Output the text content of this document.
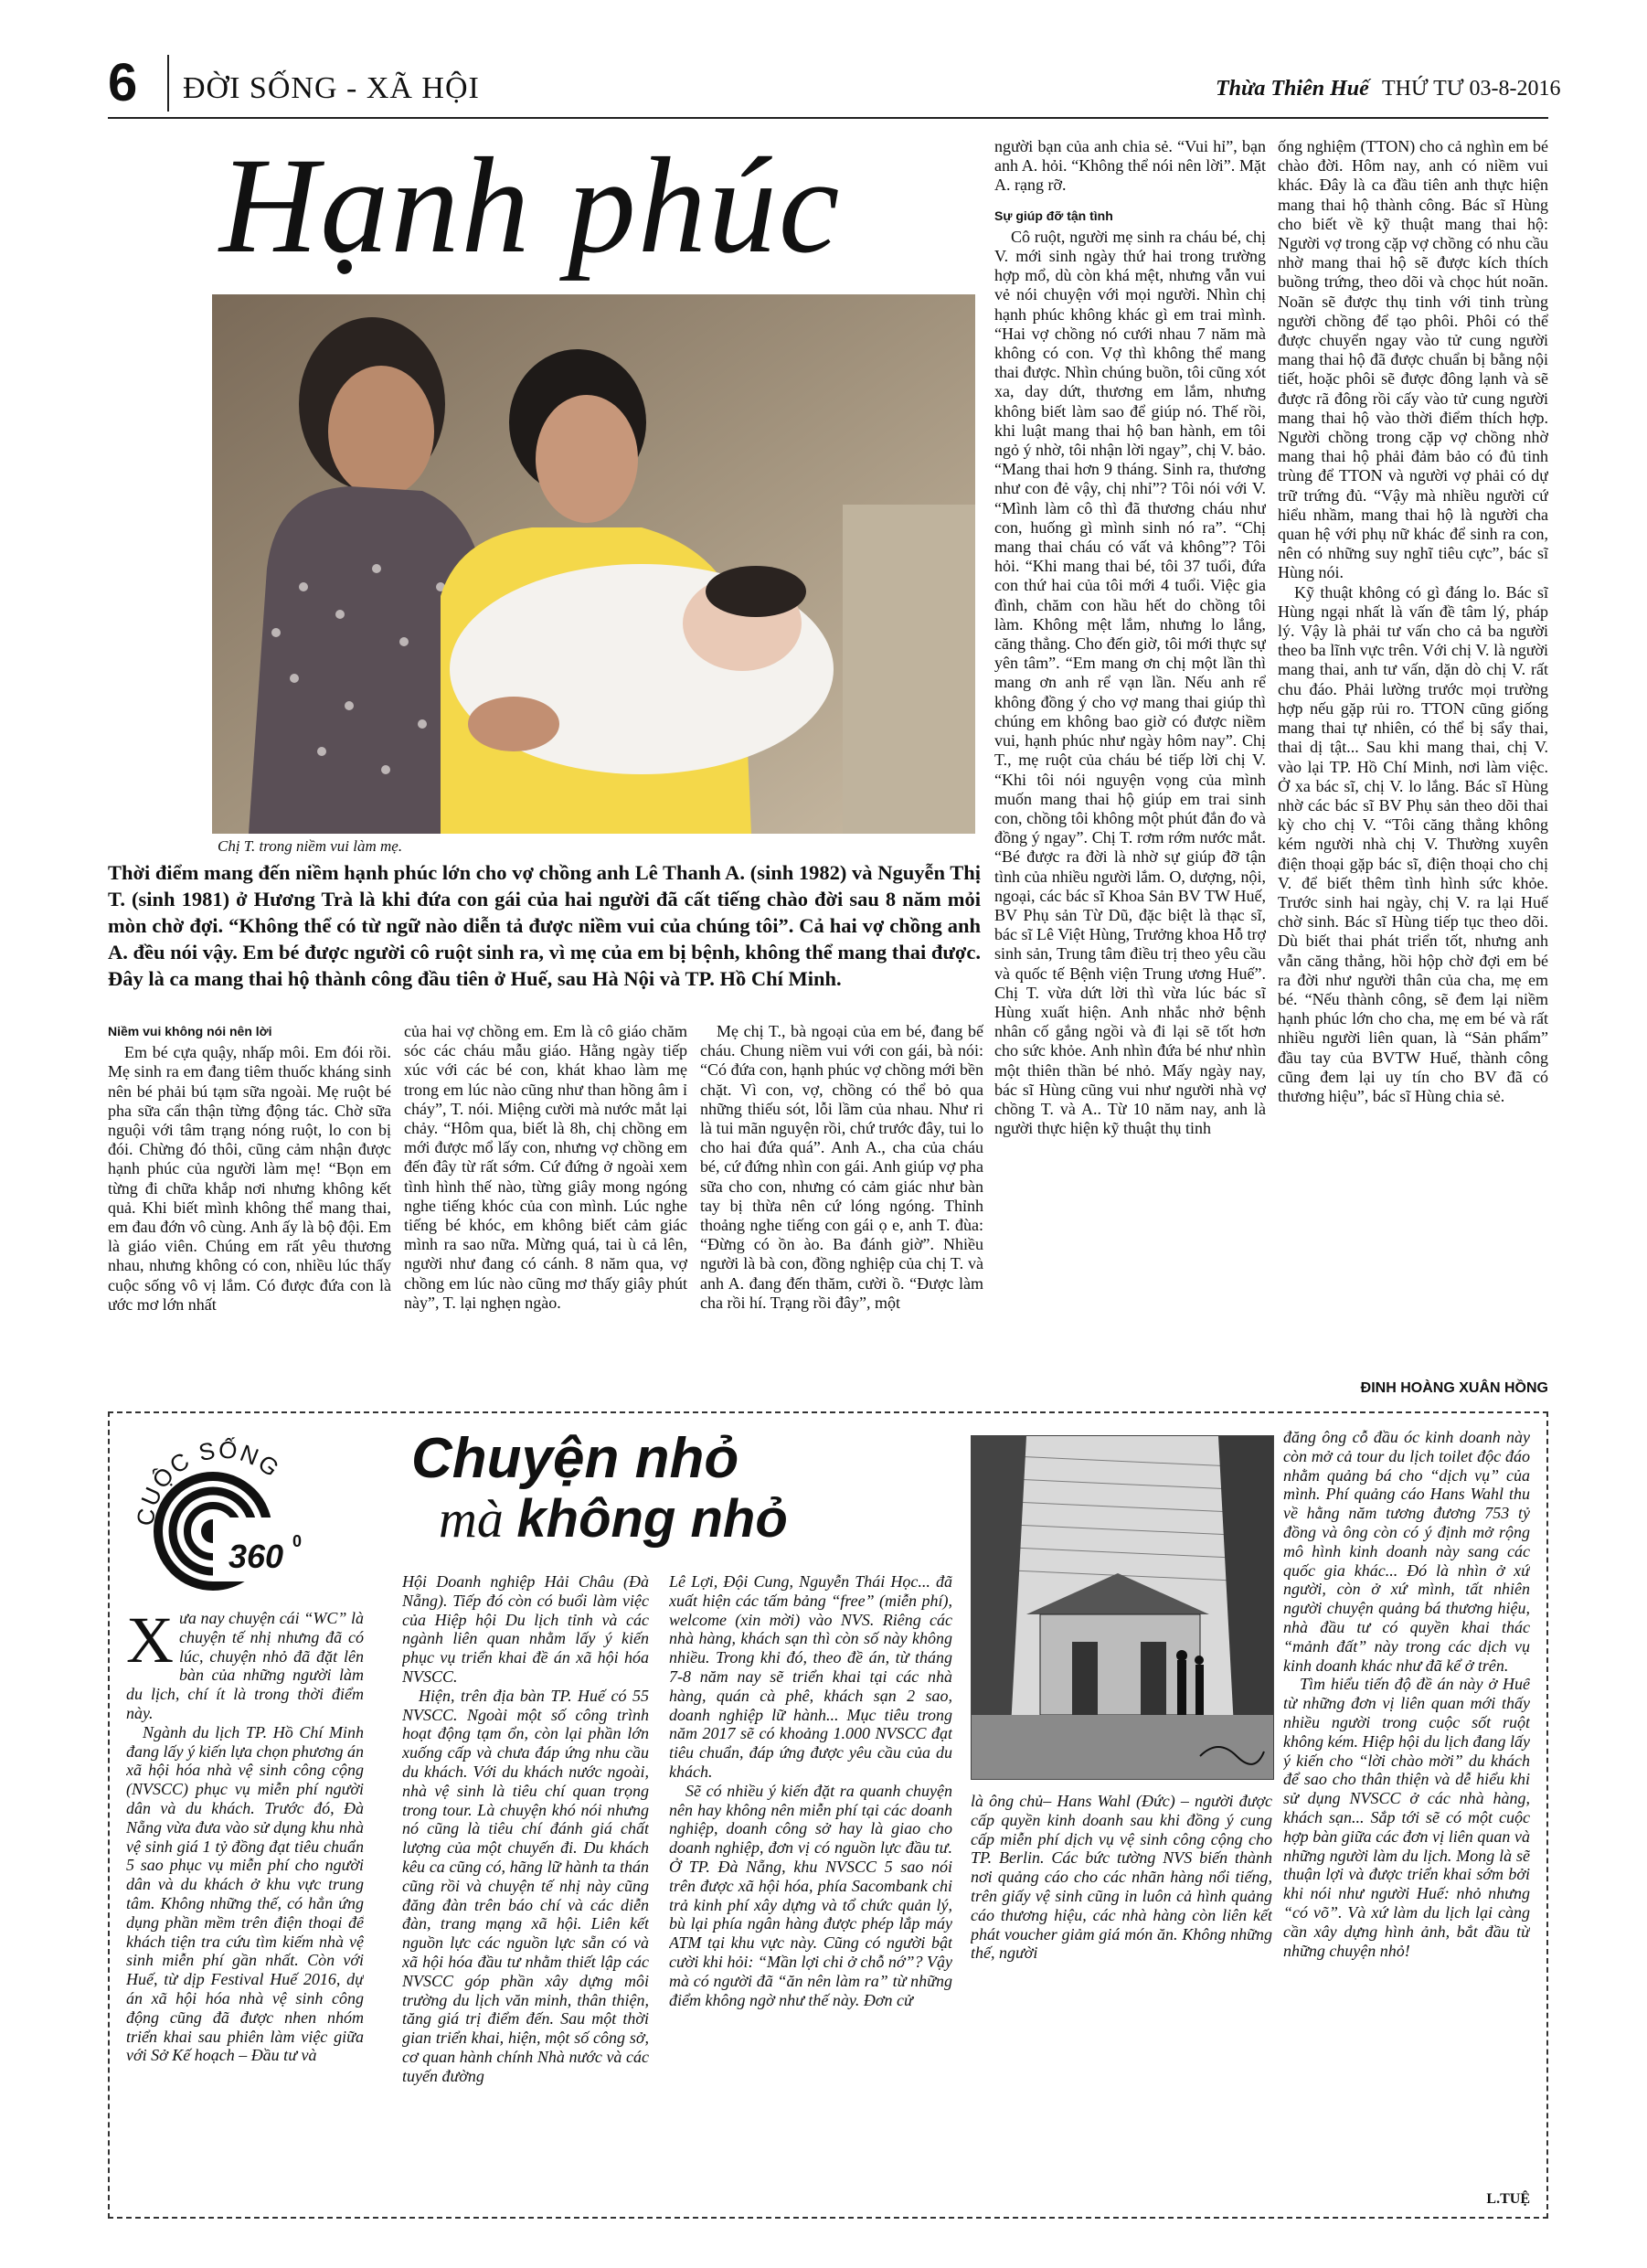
6 ĐỜI SỐNG - XÃ HỘI	Thừa Thiên Huế THỨ TƯ 03-8-2016
Hạnh phúc
Chị T. trong niềm vui làm mẹ.
Thời điểm mang đến niềm hạnh phúc lớn cho vợ chồng anh Lê Thanh A. (sinh 1982) và Nguyễn Thị T. (sinh 1981) ở Hương Trà là khi đứa con gái của hai người đã cất tiếng chào đời sau 8 năm mỏi mòn chờ đợi. “Không thể có từ ngữ nào diễn tả được niềm vui của chúng tôi”. Cả hai vợ chồng anh A. đều nói vậy. Em bé được người cô ruột sinh ra, vì mẹ của em bị bệnh, không thể mang thai được. Đây là ca mang thai hộ thành công đầu tiên ở Huế, sau Hà Nội và TP. Hồ Chí Minh.
Niềm vui không nói nên lời

Em bé cựa quậy, nhấp môi. Em đói rồi. Mẹ sinh ra em đang tiêm thuốc kháng sinh nên bé phải bú tạm sữa ngoài. Mẹ ruột bé pha sữa cẩn thận từng động tác. Chờ sữa nguội với tâm trạng nóng ruột, lo con bị đói. Chừng đó thôi, cũng cảm nhận được hạnh phúc của người làm mẹ! “Bọn em từng đi chữa khắp nơi nhưng không kết quả. Khi biết mình không thể mang thai, em đau đớn vô cùng. Anh ấy là bộ đội. Em là giáo viên. Chúng em rất yêu thương nhau, nhưng không có con, nhiều lúc thấy cuộc sống vô vị lắm. Có được đứa con là ước mơ lớn nhất

của hai vợ chồng em. Em là cô giáo chăm sóc các cháu mẫu giáo. Hằng ngày tiếp xúc với các bé con, khát khao làm mẹ trong em lúc nào cũng như than hồng âm ỉ cháy”, T. nói. Miệng cười mà nước mắt lại chảy. “Hôm qua, biết là 8h, chị chồng em mới được mổ lấy con, nhưng vợ chồng em đến đây từ rất sớm. Cứ đứng ở ngoài xem tình hình thế nào, từng giây mong ngóng nghe tiếng khóc của con mình. Lúc nghe tiếng bé khóc, em không biết cảm giác mình ra sao nữa. Mừng quá, tai ù cả lên, người như đang có cánh. 8 năm qua, vợ chồng em lúc nào cũng mơ thấy giây phút này”, T. lại nghẹn ngào.

Mẹ chị T., bà ngoại của em bé, đang bế cháu. Chung niềm vui với con gái, bà nói: “Có đứa con, hạnh phúc vợ chồng mới bền chặt. Vì con, vợ, chồng có thể bỏ qua những thiếu sót, lỗi lầm của nhau. Như ri là tui mãn nguyện rồi, chứ trước đây, tui lo cho hai đứa quá”. Anh A., cha của cháu bé, cứ đứng nhìn con gái. Anh giúp vợ pha sữa cho con, nhưng có cảm giác như bàn tay bị thừa nên cứ lóng ngóng. Thỉnh thoảng nghe tiếng con gái ọ e, anh T. đùa: “Đừng có ồn ào. Ba đánh giờ”. Nhiều người là bà con, đồng nghiệp của chị T. và anh A. đang đến thăm, cười ồ. “Được làm cha rồi hí. Trạng rồi đây”, một

người bạn của anh chia sẻ. “Vui hỉ”, bạn anh A. hỏi. “Không thể nói nên lời”. Mặt A. rạng rỡ.

Sự giúp đỡ tận tình

Cô ruột, người mẹ sinh ra cháu bé, chị V. mới sinh ngày thứ hai trong trường hợp mổ, dù còn khá mệt, nhưng vẫn vui vẻ nói chuyện với mọi người. Nhìn chị hạnh phúc không khác gì em trai mình. “Hai vợ chồng nó cưới nhau 7 năm mà không có con. Vợ thì không thể mang thai được. Nhìn chúng buồn, tôi cũng xót xa, day dứt, thương em lắm, nhưng không biết làm sao để giúp nó. Thế rồi, khi luật mang thai hộ ban hành, em tôi ngỏ ý nhờ, tôi nhận lời ngay”, chị V. bảo. “Mang thai hơn 9 tháng. Sinh ra, thương như con đẻ vậy, chị nhỉ”? Tôi nói với V. “Mình làm cô thì đã thương cháu như con, huống gì mình sinh nó ra”. “Chị mang thai cháu có vất vả không”? Tôi hỏi. “Khi mang thai bé, tôi 37 tuổi, đứa con thứ hai của tôi mới 4 tuổi. Việc gia đình, chăm con hầu hết do chồng tôi làm. Không mệt lắm, nhưng lo lắng, căng thẳng. Cho đến giờ, tôi mới thực sự yên tâm”. “Em mang ơn chị một lần thì mang ơn anh rể vạn lần. Nếu anh rể không đồng ý cho vợ mang thai giúp thì chúng em không bao giờ có được niềm vui, hạnh phúc như ngày hôm nay”. Chị T., mẹ ruột của cháu bé tiếp lời chị V. “Khi tôi nói nguyện vọng của mình muốn mang thai hộ giúp em trai sinh con, chồng tôi không một phút đắn đo và đồng ý ngay”. Chị T. rơm rớm nước mắt. “Bé được ra đời là nhờ sự giúp đỡ tận tình của nhiều người lắm. O, dượng, nội, ngoại, các bác sĩ Khoa Sản BV TW Huế, BV Phụ sản Từ Dũ, đặc biệt là thạc sĩ, bác sĩ Lê Việt Hùng, Trưởng khoa Hỗ trợ sinh sản, Trung tâm điều trị theo yêu cầu và quốc tế Bệnh viện Trung ương Huế”. Chị T. vừa dứt lời thì vừa lúc bác sĩ Hùng xuất hiện. Anh nhắc nhở bệnh nhân cố gắng ngồi và đi lại sẽ tốt hơn cho sức khỏe. Anh nhìn đứa bé như nhìn một thiên thần bé nhỏ. Mấy ngày nay, bác sĩ Hùng cũng vui như người nhà vợ chồng T. và A.. Từ 10 năm nay, anh là người thực hiện kỹ thuật thụ tinh

ống nghiệm (TTON) cho cả nghìn em bé chào đời. Hôm nay, anh có niềm vui khác. Đây là ca đầu tiên anh thực hiện mang thai hộ thành công. Bác sĩ Hùng cho biết về kỹ thuật mang thai hộ: Người vợ trong cặp vợ chồng có nhu cầu nhờ mang thai hộ sẽ được kích thích buồng trứng, theo dõi và chọc hút noãn. Noãn sẽ được thụ tinh với tinh trùng người chồng để tạo phôi. Phôi có thể được chuyển ngay vào tử cung người mang thai hộ đã được chuẩn bị bằng nội tiết, hoặc phôi sẽ được đông lạnh và sẽ được rã đông rồi cấy vào tử cung người mang thai hộ vào thời điểm thích hợp. Người chồng trong cặp vợ chồng nhờ mang thai hộ phải đảm bảo có đủ tinh trùng để TTON và người vợ phải có dự trữ trứng đủ. “Vậy mà nhiều người cứ hiểu nhầm, mang thai hộ là người cha quan hệ với phụ nữ khác để sinh ra con, nên có những suy nghĩ tiêu cực”, bác sĩ Hùng nói.

Kỹ thuật không có gì đáng lo. Bác sĩ Hùng ngại nhất là vấn đề tâm lý, pháp lý. Vậy là phải tư vấn cho cả ba người theo ba lĩnh vực trên. Với chị V. là người mang thai, anh tư vấn, dặn dò chị V. rất chu đáo. Phải lường trước mọi trường hợp nếu gặp rủi ro. TTON cũng giống mang thai tự nhiên, có thể bị sẩy thai, thai dị tật... Sau khi mang thai, chị V. vào lại TP. Hồ Chí Minh, nơi làm việc. Ở xa bác sĩ, chị V. lo lắng. Bác sĩ Hùng nhờ các bác sĩ BV Phụ sản theo dõi thai kỳ cho chị V. “Tôi căng thẳng không kém người nhà chị V. Thường xuyên điện thoại gặp bác sĩ, điện thoại cho chị V. để biết thêm tình hình sức khỏe. Trước sinh hai ngày, chị V. ra lại Huế chờ sinh. Bác sĩ Hùng tiếp tục theo dõi. Dù biết thai phát triển tốt, nhưng anh vẫn căng thẳng, hồi hộp chờ đợi em bé ra đời như người thân của cha, mẹ em bé. “Nếu thành công, sẽ đem lại niềm hạnh phúc lớn cho cha, mẹ em bé và rất nhiều người liên quan, là “Sản phẩm” đầu tay của BVTW Huế, thành công cũng đem lại uy tín cho BV đã có thương hiệu”, bác sĩ Hùng chia sẻ.

ĐINH HOÀNG XUÂN HỒNG
CUỘC SỐNG
360 0
Chuyện nhỏ
mà không nhỏ

Xưa nay chuyện cái “WC” là chuyện tế nhị nhưng đã có lúc, chuyện nhỏ đã đặt lên bàn của những người làm du lịch, chí ít là trong thời điểm này.

Ngành du lịch TP. Hồ Chí Minh đang lấy ý kiến lựa chọn phương án xã hội hóa nhà vệ sinh công cộng (NVSCC) phục vụ miễn phí người dân và du khách. Trước đó, Đà Nẵng vừa đưa vào sử dụng khu nhà vệ sinh giá 1 tỷ đồng đạt tiêu chuẩn 5 sao phục vụ miễn phí cho người dân và du khách ở khu vực trung tâm. Không những thế, có hẳn ứng dụng phần mềm trên điện thoại để khách tiện tra cứu tìm kiếm nhà vệ sinh miễn phí gần nhất. Còn với Huế, từ dịp Festival Huế 2016, dự án xã hội hóa nhà vệ sinh công động cũng đã được nhen nhóm triển khai sau phiên làm việc giữa với Sở Kế hoạch – Đầu tư và

Hội Doanh nghiệp Hải Châu (Đà Nẵng). Tiếp đó còn có buổi làm việc của Hiệp hội Du lịch tỉnh và các ngành liên quan nhằm lấy ý kiến phục vụ triển khai đề án xã hội hóa NVSCC.

Hiện, trên địa bàn TP. Huế có 55 NVSCC. Ngoài một số công trình hoạt động tạm ổn, còn lại phần lớn xuống cấp và chưa đáp ứng nhu cầu du khách. Với du khách nước ngoài, nhà vệ sinh là tiêu chí quan trọng trong tour. Là chuyện khó nói nhưng nó cũng là tiêu chí đánh giá chất lượng của một chuyến đi. Du khách kêu ca cũng có, hãng lữ hành ta thán cũng rồi và chuyện tế nhị này cũng đăng đàn trên báo chí và các diễn đàn, trang mạng xã hội. Liên kết nguồn lực các nguồn lực sẵn có và xã hội hóa đầu tư nhằm thiết lập các NVSCC góp phần xây dựng môi trường du lịch văn minh, thân thiện, tăng giá trị điểm đến. Sau một thời gian triển khai, hiện, một số công sở, cơ quan hành chính Nhà nước và các tuyến đường

Lê Lợi, Đội Cung, Nguyễn Thái Học... đã xuất hiện các tấm bảng “free” (miễn phí), welcome (xin mời) vào NVS. Riêng các nhà hàng, khách sạn thì còn số này không nhiều. Trong khi đó, theo đề án, từ tháng 7-8 năm nay sẽ triển khai tại các nhà hàng, quán cà phê, khách sạn 2 sao, doanh nghiệp lữ hành... Mục tiêu trong năm 2017 sẽ có khoảng 1.000 NVSCC đạt tiêu chuẩn, đáp ứng được yêu cầu của du khách.

Sẽ có nhiều ý kiến đặt ra quanh chuyện nên hay không nên miễn phí tại các doanh nghiệp, doanh công sở hay là giao cho doanh nghiệp, đơn vị có nguồn lực đầu tư. Ở TP. Đà Nẵng, khu NVSCC 5 sao nói trên được xã hội hóa, phía Sacombank chi trả kinh phí xây dựng và tổ chức quản lý, bù lại phía ngân hàng được phép lắp máy ATM tại khu vực này. Cũng có người bật cười khi hỏi: “Mần lợi chi ở chỗ nớ”? Vậy mà có người đã “ăn nên làm ra” từ những điểm không ngờ như thế này. Đơn cử

là ông chủ– Hans Wahl (Đức) – người được cấp quyền kinh doanh sau khi đồng ý cung cấp miễn phí dịch vụ vệ sinh công cộng cho TP. Berlin. Các bức tường NVS biến thành nơi quảng cáo cho các nhãn hàng nổi tiếng, trên giấy vệ sinh cũng in luôn cả hình quảng cáo thương hiệu, các nhà hàng còn liên kết phát voucher giảm giá món ăn. Không những thế, người

đăng ông cỗ đầu óc kinh doanh này còn mở cả tour du lịch toilet độc đáo nhằm quảng bá cho “dịch vụ” của mình. Phí quảng cáo Hans Wahl thu về hằng năm tương đương 753 tỷ đồng và ông còn có ý định mở rộng mô hình kinh doanh này sang các quốc gia khác... Đó là nhìn ở xứ người, còn ở xứ mình, tất nhiên người chuyện quảng bá thương hiệu, nhà đầu tư có quyền khai thác “mảnh đất” này trong các dịch vụ kinh doanh khác như đã kể ở trên.

Tìm hiểu tiến độ đề án này ở Huế từ những đơn vị liên quan mới thấy nhiều người trong cuộc sốt ruột không kém. Hiệp hội du lịch đang lấy ý kiến cho “lời chào mời” du khách để sao cho thân thiện và dễ hiểu khi sử dụng NVSCC ở các nhà hàng, khách sạn... Sắp tới sẽ có một cuộc hợp bàn giữa các đơn vị liên quan và những người làm du lịch. Mong là sẽ thuận lợi và được triển khai sớm bởi khi nói như người Huế: nhỏ nhưng “có võ”. Và xứ làm du lịch lại càng cần xây dựng hình ảnh, bắt đầu từ những chuyện nhỏ!

L.TUỆ
